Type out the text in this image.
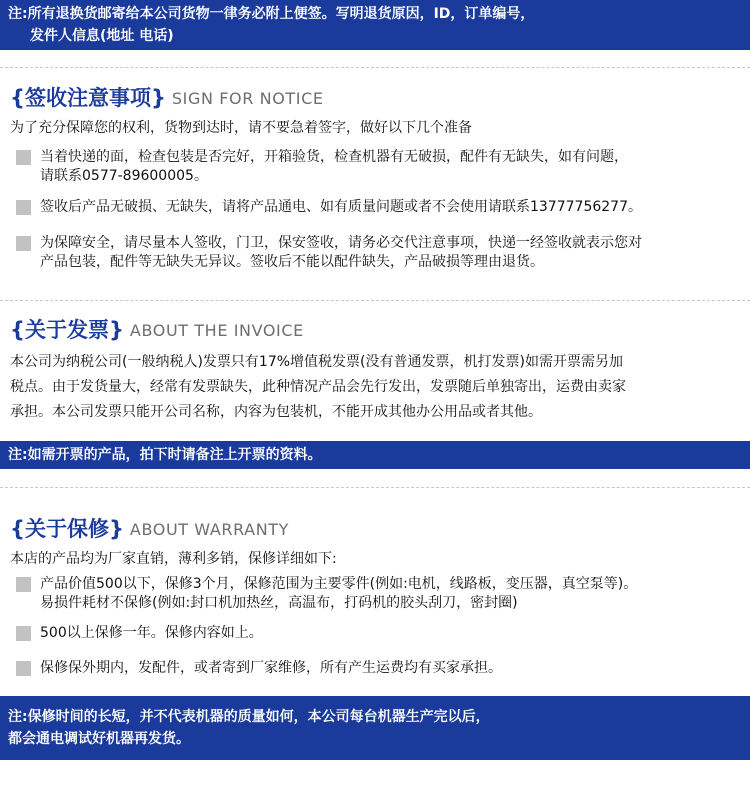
注:所有退换货邮寄给本公司货物一律务必附上便签。写明退货原因，ID，订单编号，
发件人信息(地址 电话)
{签收注意事项} SIGN FOR NOTICE
为了充分保障您的权利，货物到达时，请不要急着签字，做好以下几个准备
当着快递的面，检查包装是否完好，开箱验货，检查机器有无破损，配件有无缺失，如有问题，
请联系0577-89600005。
签收后产品无破损、无缺失，请将产品通电、如有质量问题或者不会使用请联系13777756277。
为保障安全，请尽量本人签收，门卫，保安签收，请务必交代注意事项，快递一经签收就表示您对
产品包装，配件等无缺失无异议。签收后不能以配件缺失，产品破损等理由退货。
{关于发票} ABOUT THE INVOICE
本公司为纳税公司(一般纳税人)发票只有17%增值税发票(没有普通发票，机打发票)如需开票需另加
税点。由于发货量大，经常有发票缺失，此种情况产品会先行发出，发票随后单独寄出，运费由卖家
承担。本公司发票只能开公司名称，内容为包装机，不能开成其他办公用品或者其他。
注:如需开票的产品，拍下时请备注上开票的资料。
{关于保修} ABOUT WARRANTY
本店的产品均为厂家直销，薄利多销，保修详细如下:
产品价值500以下，保修3个月，保修范围为主要零件(例如:电机，线路板，变压器，真空泵等)。
易损件耗材不保修(例如:封口机加热丝，高温布，打码机的胶头刮刀，密封圈)
500以上保修一年。保修内容如上。
保修保外期内，发配件，或者寄到厂家维修，所有产生运费均有买家承担。
注:保修时间的长短，并不代表机器的质量如何，本公司每台机器生产完以后，
都会通电调试好机器再发货。
